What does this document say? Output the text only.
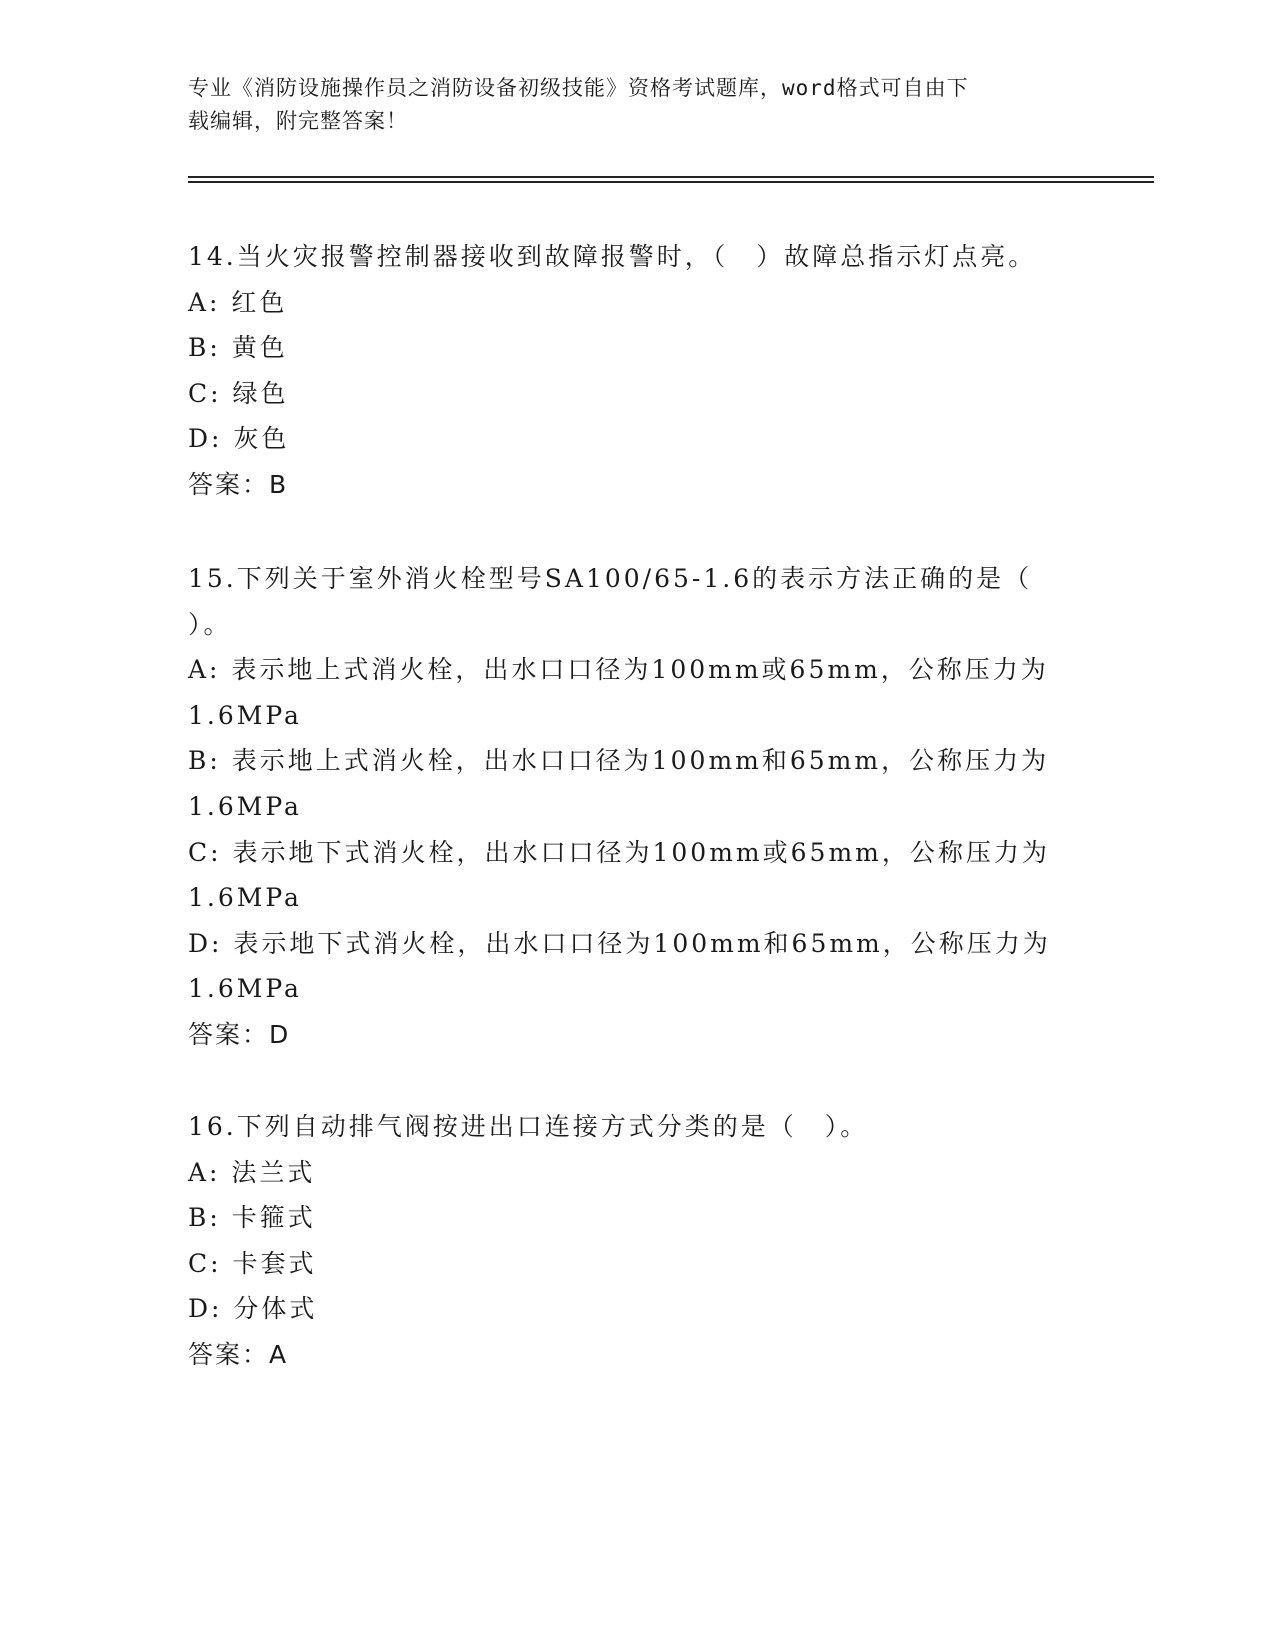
专业《消防设施操作员之消防设备初级技能》资格考试题库，word格式可自由下
载编辑，附完整答案！
14.当火灾报警控制器接收到故障报警时，（　）故障总指示灯点亮。
A: 红色
B: 黄色
C: 绿色
D: 灰色
答案：B
15.下列关于室外消火栓型号SA100/65-1.6的表示方法正确的是（
）。
A: 表示地上式消火栓，出水口口径为100mm或65mm，公称压力为
1.6MPa
B: 表示地上式消火栓，出水口口径为100mm和65mm，公称压力为
1.6MPa
C: 表示地下式消火栓，出水口口径为100mm或65mm，公称压力为
1.6MPa
D: 表示地下式消火栓，出水口口径为100mm和65mm，公称压力为
1.6MPa
答案：D
16.下列自动排气阀按进出口连接方式分类的是（　）。
A: 法兰式
B: 卡箍式
C: 卡套式
D: 分体式
答案：A
